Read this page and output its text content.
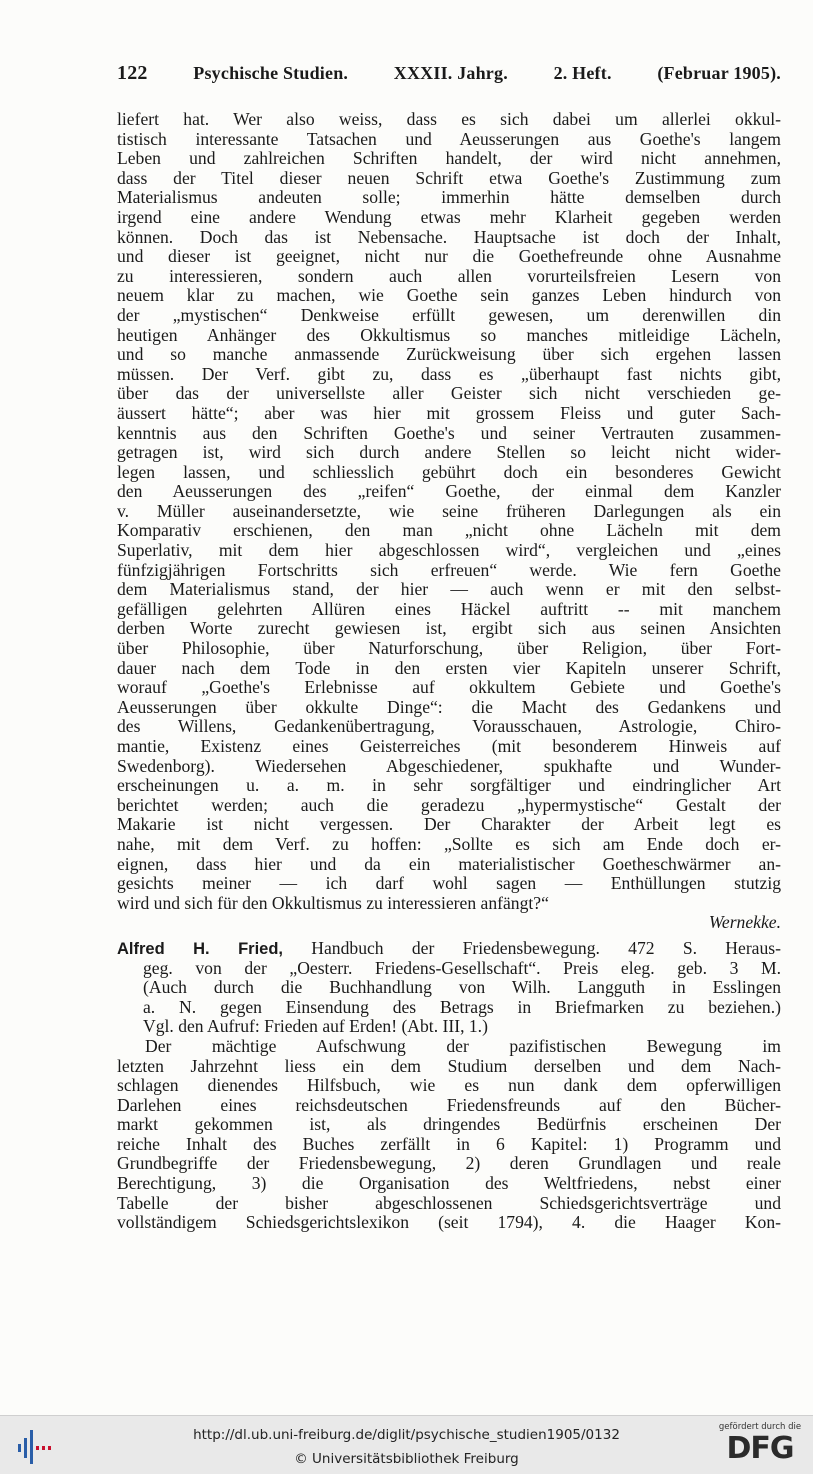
122	Psychische Studien.	XXXII. Jahrg.	2. Heft.	(Februar 1905).
liefert hat. Wer also weiss, dass es sich dabei um allerlei okkul-
tistisch interessante Tatsachen und Aeusserungen aus Goethe's langem
Leben und zahlreichen Schriften handelt, der wird nicht annehmen,
dass der Titel dieser neuen Schrift etwa Goethe's Zustimmung zum
Materialismus andeuten solle; immerhin hätte demselben durch
irgend eine andere Wendung etwas mehr Klarheit gegeben werden
können. Doch das ist Nebensache. Hauptsache ist doch der Inhalt,
und dieser ist geeignet, nicht nur die Goethefreunde ohne Ausnahme
zu interessieren, sondern auch allen vorurteilsfreien Lesern von
neuem klar zu machen, wie Goethe sein ganzes Leben hindurch von
der „mystischen“ Denkweise erfüllt gewesen, um derenwillen din
heutigen Anhänger des Okkultismus so manches mitleidige Lächeln,
und so manche anmassende Zurückweisung über sich ergehen lassen
müssen. Der Verf. gibt zu, dass es „überhaupt fast nichts gibt,
über das der universellste aller Geister sich nicht verschieden ge-
äussert hätte“; aber was hier mit grossem Fleiss und guter Sach-
kenntnis aus den Schriften Goethe's und seiner Vertrauten zusammen-
getragen ist, wird sich durch andere Stellen so leicht nicht wider-
legen lassen, und schliesslich gebührt doch ein besonderes Gewicht
den Aeusserungen des „reifen“ Goethe, der einmal dem Kanzler
v. Müller auseinandersetzte, wie seine früheren Darlegungen als ein
Komparativ erschienen, den man „nicht ohne Lächeln mit dem
Superlativ, mit dem hier abgeschlossen wird“, vergleichen und „eines
fünfzigjährigen Fortschritts sich erfreuen“ werde. Wie fern Goethe
dem Materialismus stand, der hier — auch wenn er mit den selbst-
gefälligen gelehrten Allüren eines Häckel auftritt -- mit manchem
derben Worte zurecht gewiesen ist, ergibt sich aus seinen Ansichten
über Philosophie, über Naturforschung, über Religion, über Fort-
dauer nach dem Tode in den ersten vier Kapiteln unserer Schrift,
worauf „Goethe's Erlebnisse auf okkultem Gebiete und Goethe's
Aeusserungen über okkulte Dinge“: die Macht des Gedankens und
des Willens, Gedankenübertragung, Vorausschauen, Astrologie, Chiro-
mantie, Existenz eines Geisterreiches (mit besonderem Hinweis auf
Swedenborg). Wiedersehen Abgeschiedener, spukhafte und Wunder-
erscheinungen u. a. m. in sehr sorgfältiger und eindringlicher Art
berichtet werden; auch die geradezu „hypermystische“ Gestalt der
Makarie ist nicht vergessen. Der Charakter der Arbeit legt es
nahe, mit dem Verf. zu hoffen: „Sollte es sich am Ende doch er-
eignen, dass hier und da ein materialistischer Goetheschwärmer an-
gesichts meiner — ich darf wohl sagen — Enthüllungen stutzig
wird und sich für den Okkultismus zu interessieren anfängt?“
Wernekke.
Alfred H. Fried, Handbuch der Friedensbewegung. 472 S. Heraus-
geg. von der „Oesterr. Friedens-Gesellschaft“. Preis eleg. geb. 3 M.
(Auch durch die Buchhandlung von Wilh. Langguth in Esslingen
a. N. gegen Einsendung des Betrags in Briefmarken zu beziehen.)
Vgl. den Aufruf: Frieden auf Erden! (Abt. III, 1.)
Der mächtige Aufschwung der pazifistischen Bewegung im
letzten Jahrzehnt liess ein dem Studium derselben und dem Nach-
schlagen dienendes Hilfsbuch, wie es nun dank dem opferwilligen
Darlehen eines reichsdeutschen Friedensfreunds auf den Bücher-
markt gekommen ist, als dringendes Bedürfnis erscheinen Der
reiche Inhalt des Buches zerfällt in 6 Kapitel: 1) Programm und
Grundbegriffe der Friedensbewegung, 2) deren Grundlagen und reale
Berechtigung, 3) die Organisation des Weltfriedens, nebst einer
Tabelle der bisher abgeschlossenen Schiedsgerichtsverträge und
vollständigem Schiedsgerichtslexikon (seit 1794), 4. die Haager Kon-
http://dl.ub.uni-freiburg.de/diglit/psychische_studien1905/0132
© Universitätsbibliothek Freiburg
gefördert durch die
DFG
